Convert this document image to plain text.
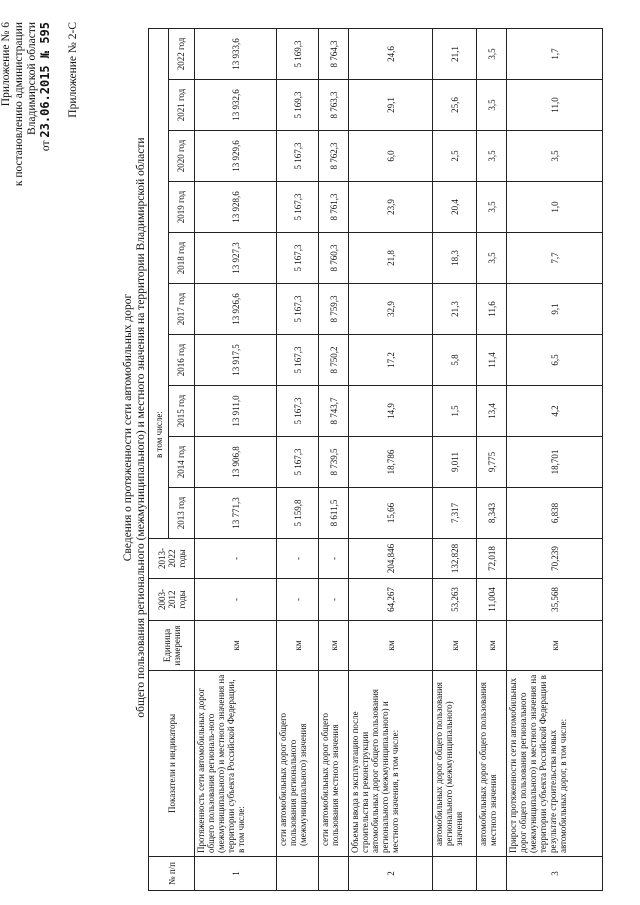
Приложение № 6 к постановлению администрации Владимирской области
от 23.06.2015 № 595 Приложение № 2-С
Сведения о протяженности сети автомобильных дорог общего пользования регионального (межмуниципального) и местного значения на территории Владимирской области
№ п/п	Показатели и индикаторы	Единица измерения	2003-2012 годы	2013-2022 годы	в том числе:									
					2013 год	2014 год	2015 год	2016 год	2017 год	2018 год	2019 год	2020 год	2021 год	2022 год
1	Протяженность сети автомобильных дорог общего пользования региональ-ного (межмуниципального) и местного значения на территории субъекта Российской Федерации, в том числе:	км	-	-	13 771,3	13 906,8	13 911,0	13 917,5	13 926,6	13 927,3	13 928,6	13 929,6	13 932,6	13 933,6
	сети автомобильных дорог общего пользования регионального (межмуниципального) значения	км	-	-	5 159,8	5 167,3	5 167,3	5 167,3	5 167,3	5 167,3	5 167,3	5 167,3	5 169,3	5 169,3
	сети автомобильных дорог общего пользования местного значения	км	-	-	8 611,5	8 739,5	8 743,7	8 750,2	8 759,3	8 760,3	8 761,3	8 762,3	8 763,3	8 764,3
2	Объемы ввода в эксплуатацию после строительства и реконструкции автомобильных дорог общего пользования регионального (межмуниципального) и местного значения, в том числе:	км	64,267	204,846	15,66	18,786	14,9	17,2	32,9	21,8	23,9	6,0	29,1	24,6
	автомобильных дорог общего пользования регионального (межмуниципального) значения	км	53,263	132,828	7,317	9,011	1,5	5,8	21,3	18,3	20,4	2,5	25,6	21,1
	автомобильных дорог общего пользования местного значения	км	11,004	72,018	8,343	9,775	13,4	11,4	11,6	3,5	3,5	3,5	3,5	3,5
3	Прирост протяженности сети автомобильных дорог общего пользования регионального (межмуниципального) и местного значения на территории субъекта Российской Федерации в результате строительства новых автомобильных дорог, в том числе:	км	35,568	70,239	6,838	18,701	4,2	6,5	9,1	7,7	1,0	3,5	11,0	1,7
